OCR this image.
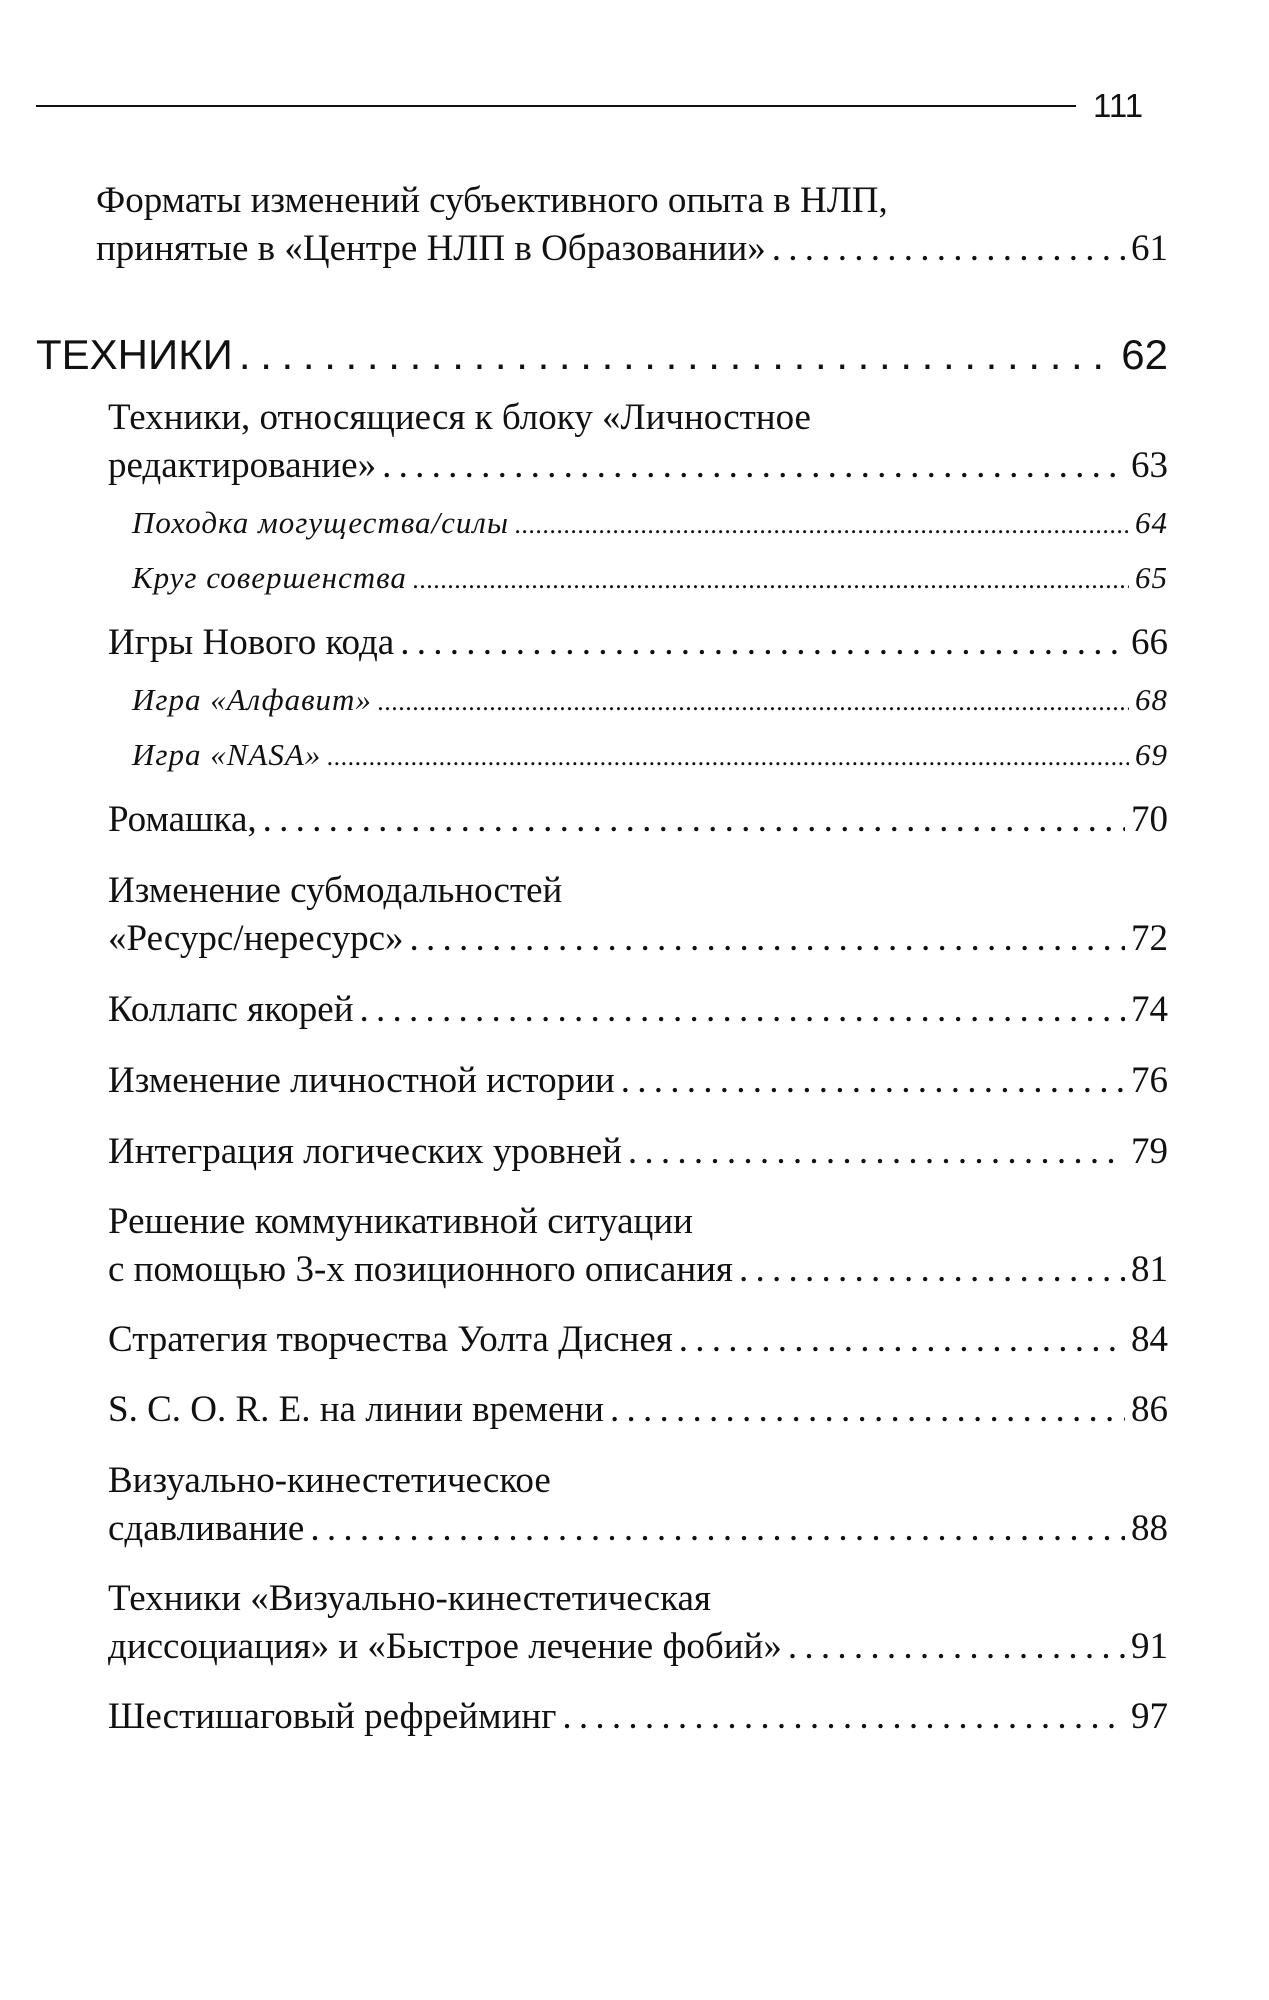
111
Форматы изменений субъективного опыта в НЛП,
принятые в «Центре НЛП в Образовании» . . .	61
ТЕХНИКИ . . .	62
Техники, относящиеся к блоку «Личностное
редактирование» . . .	63
Походка могущества/силы . . .	64
Круг совершенства . . .	65
Игры Нового кода . . .	66
Игра «Алфавит» . . .	68
Игра «NASA» . . .	69
Ромашка, . . .	70
Изменение субмодальностей
«Ресурс/нересурс» . . .	72
Коллапс якорей . . .	74
Изменение личностной истории . . .	76
Интеграция логических уровней . . .	79
Решение коммуникативной ситуации
с помощью 3-х позиционного описания . . .	81
Стратегия творчества Уолта Диснея . . .	84
S. C. O. R. E. на линии времени . . .	86
Визуально-кинестетическое
сдавливание . . .	88
Техники «Визуально-кинестетическая
диссоциация» и «Быстрое лечение фобий» . . .	91
Шестишаговый рефрейминг . . .	97
